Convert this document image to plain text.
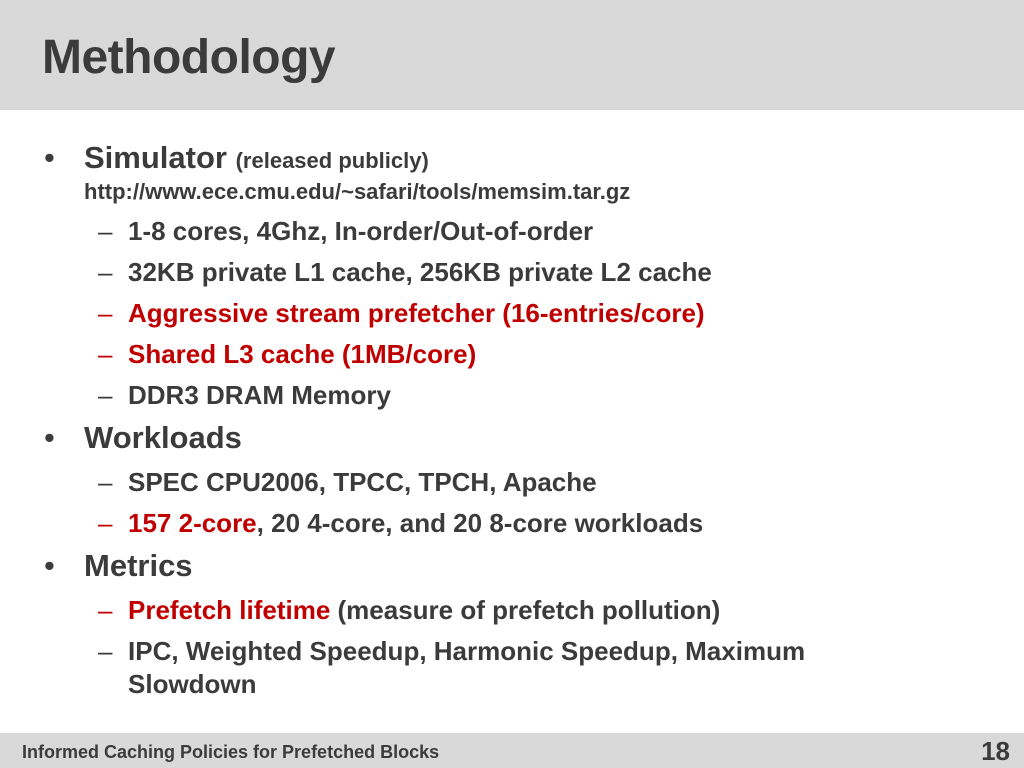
Methodology
• Simulator (released publicly)
http://www.ece.cmu.edu/~safari/tools/memsim.tar.gz
– 1-8 cores, 4Ghz, In-order/Out-of-order
– 32KB private L1 cache, 256KB private L2 cache
– Aggressive stream prefetcher (16-entries/core)
– Shared L3 cache (1MB/core)
– DDR3 DRAM Memory
• Workloads
– SPEC CPU2006, TPCC, TPCH, Apache
– 157 2-core, 20 4-core, and 20 8-core workloads
• Metrics
– Prefetch lifetime (measure of prefetch pollution)
– IPC, Weighted Speedup, Harmonic Speedup, Maximum
Slowdown
Informed Caching Policies for Prefetched Blocks	18
